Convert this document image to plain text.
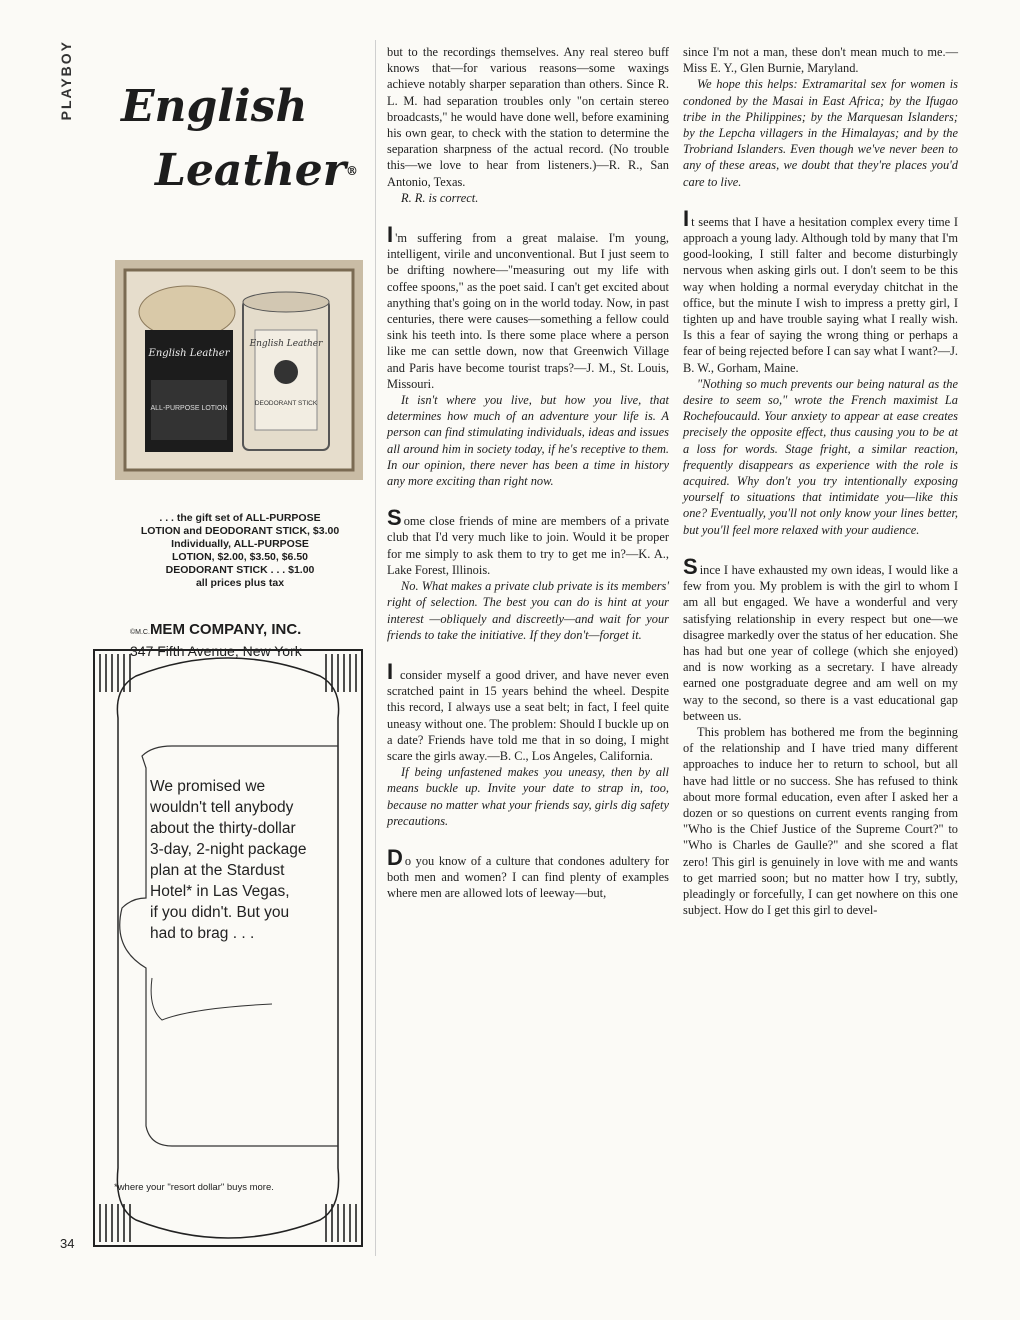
PLAYBOY
34
English
Leather®
English Leather
ALL-PURPOSE LOTION
English Leather
DEODORANT STICK
. . . the gift set of ALL-PURPOSE
LOTION and DEODORANT STICK, $3.00
Individually, ALL-PURPOSE
LOTION, $2.00, $3.50, $6.50
DEODORANT STICK . . . $1.00
all prices plus tax
©M.C.MEM COMPANY, INC.
347 Fifth Avenue, New York
We promised we
wouldn't tell anybody
about the thirty-dollar
3-day, 2-night package
plan at the Stardust
Hotel* in Las Vegas,
if you didn't. But you
had to brag . . .
*where your "resort dollar" buys more.

but to the recordings themselves. Any real stereo buff knows that—for various reasons—some waxings achieve notably sharper separation than others. Since R. L. M. had separation troubles only "on certain stereo broadcasts," he would have done well, before examining his own gear, to check with the station to determine the separation sharpness of the actual record. (No trouble this—we love to hear from listeners.)—R. R., San Antonio, Texas.

R. R. is correct.

I 'm suffering from a great malaise. I'm young, intelligent, virile and unconventional. But I just seem to be drifting nowhere—"measuring out my life with coffee spoons," as the poet said. I can't get excited about anything that's going on in the world today. Now, in past centuries, there were causes—something a fellow could sink his teeth into. Is there some place where a person like me can settle down, now that Greenwich Village and Paris have become tourist traps?—J. M., St. Louis, Missouri.

It isn't where you live, but how you live, that determines how much of an adventure your life is. A person can find stimulating individuals, ideas and issues all around him in society today, if he's receptive to them. In our opinion, there never has been a time in history any more exciting than right now.

Some close friends of mine are members of a private club that I'd very much like to join. Would it be proper for me simply to ask them to try to get me in?—K. A., Lake Forest, Illinois.

No. What makes a private club private is its members' right of selection. The best you can do is hint at your interest —obliquely and discreetly—and wait for your friends to take the initiative. If they don't—forget it.

I consider myself a good driver, and have never even scratched paint in 15 years behind the wheel. Despite this record, I always use a seat belt; in fact, I feel quite uneasy without one. The problem: Should I buckle up on a date? Friends have told me that in so doing, I might scare the girls away.—B. C., Los Angeles, California.

If being unfastened makes you uneasy, then by all means buckle up. Invite your date to strap in, too, because no matter what your friends say, girls dig safety precautions.

Do you know of a culture that condones adultery for both men and women? I can find plenty of examples where men are allowed lots of leeway—but,

since I'm not a man, these don't mean much to me.—Miss E. Y., Glen Burnie, Maryland.

We hope this helps: Extramarital sex for women is condoned by the Masai in East Africa; by the Ifugao tribe in the Philippines; by the Marquesan Islanders; by the Lepcha villagers in the Himalayas; and by the Trobriand Islanders. Even though we've never been to any of these areas, we doubt that they're places you'd care to live.

It seems that I have a hesitation complex every time I approach a young lady. Although told by many that I'm good-looking, I still falter and become disturbingly nervous when asking girls out. I don't seem to be this way when holding a normal everyday chitchat in the office, but the minute I wish to impress a pretty girl, I tighten up and have trouble saying what I really wish. Is this a fear of saying the wrong thing or perhaps a fear of being rejected before I can say what I want?—J. B. W., Gorham, Maine.

"Nothing so much prevents our being natural as the desire to seem so," wrote the French maximist La Rochefoucauld. Your anxiety to appear at ease creates precisely the opposite effect, thus causing you to be at a loss for words. Stage fright, a similar reaction, frequently disappears as experience with the role is acquired. Why don't you try intentionally exposing yourself to situations that intimidate you—like this one? Eventually, you'll not only know your lines better, but you'll feel more relaxed with your audience.

Since I have exhausted my own ideas, I would like a few from you. My problem is with the girl to whom I am all but engaged. We have a wonderful and very satisfying relationship in every respect but one—we disagree markedly over the status of her education. She has had but one year of college (which she enjoyed) and is now working as a secretary. I have already earned one postgraduate degree and am well on my way to the second, so there is a vast educational gap between us.

This problem has bothered me from the beginning of the relationship and I have tried many different approaches to induce her to return to school, but all have had little or no success. She has refused to think about more formal education, even after I asked her a dozen or so questions on current events ranging from "Who is the Chief Justice of the Supreme Court?" to "Who is Charles de Gaulle?" and she scored a flat zero! This girl is genuinely in love with me and wants to get married soon; but no matter how I try, subtly, pleadingly or forcefully, I can get nowhere on this one subject. How do I get this girl to devel-
